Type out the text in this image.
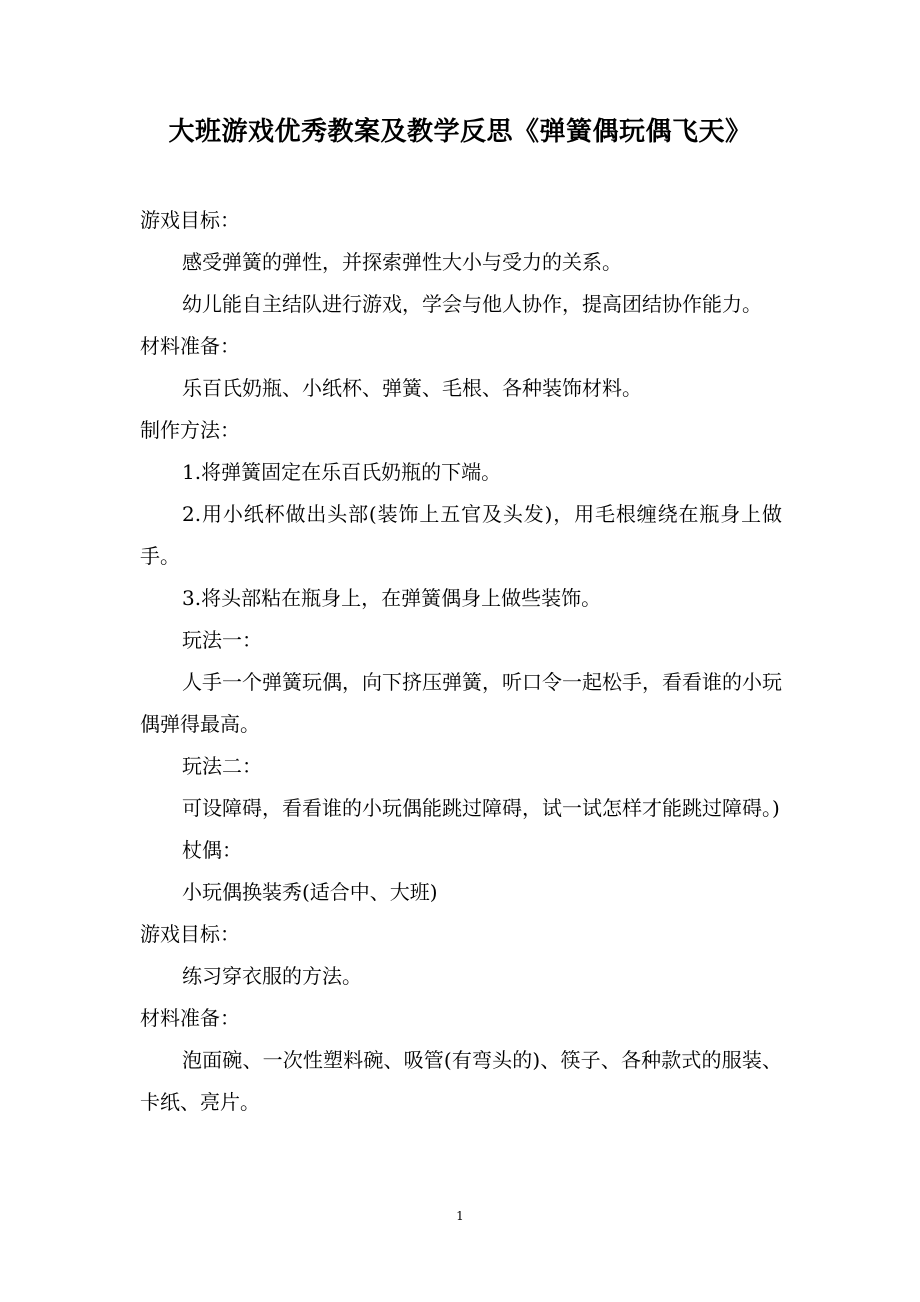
大班游戏优秀教案及教学反思《弹簧偶玩偶飞天》

游戏目标：

感受弹簧的弹性，并探索弹性大小与受力的关系。

幼儿能自主结队进行游戏，学会与他人协作，提高团结协作能力。

材料准备：

乐百氏奶瓶、小纸杯、弹簧、毛根、各种装饰材料。

制作方法：

1.将弹簧固定在乐百氏奶瓶的下端。

2.用小纸杯做出头部(装饰上五官及头发)，用毛根缠绕在瓶身上做手。

3.将头部粘在瓶身上，在弹簧偶身上做些装饰。

玩法一：

人手一个弹簧玩偶，向下挤压弹簧，听口令一起松手，看看谁的小玩偶弹得最高。

玩法二：

可设障碍，看看谁的小玩偶能跳过障碍，试一试怎样才能跳过障碍。)

杖偶：

小玩偶换装秀(适合中、大班)

游戏目标：

练习穿衣服的方法。

材料准备：

泡面碗、一次性塑料碗、吸管(有弯头的)、筷子、各种款式的服装、卡纸、亮片。

1
